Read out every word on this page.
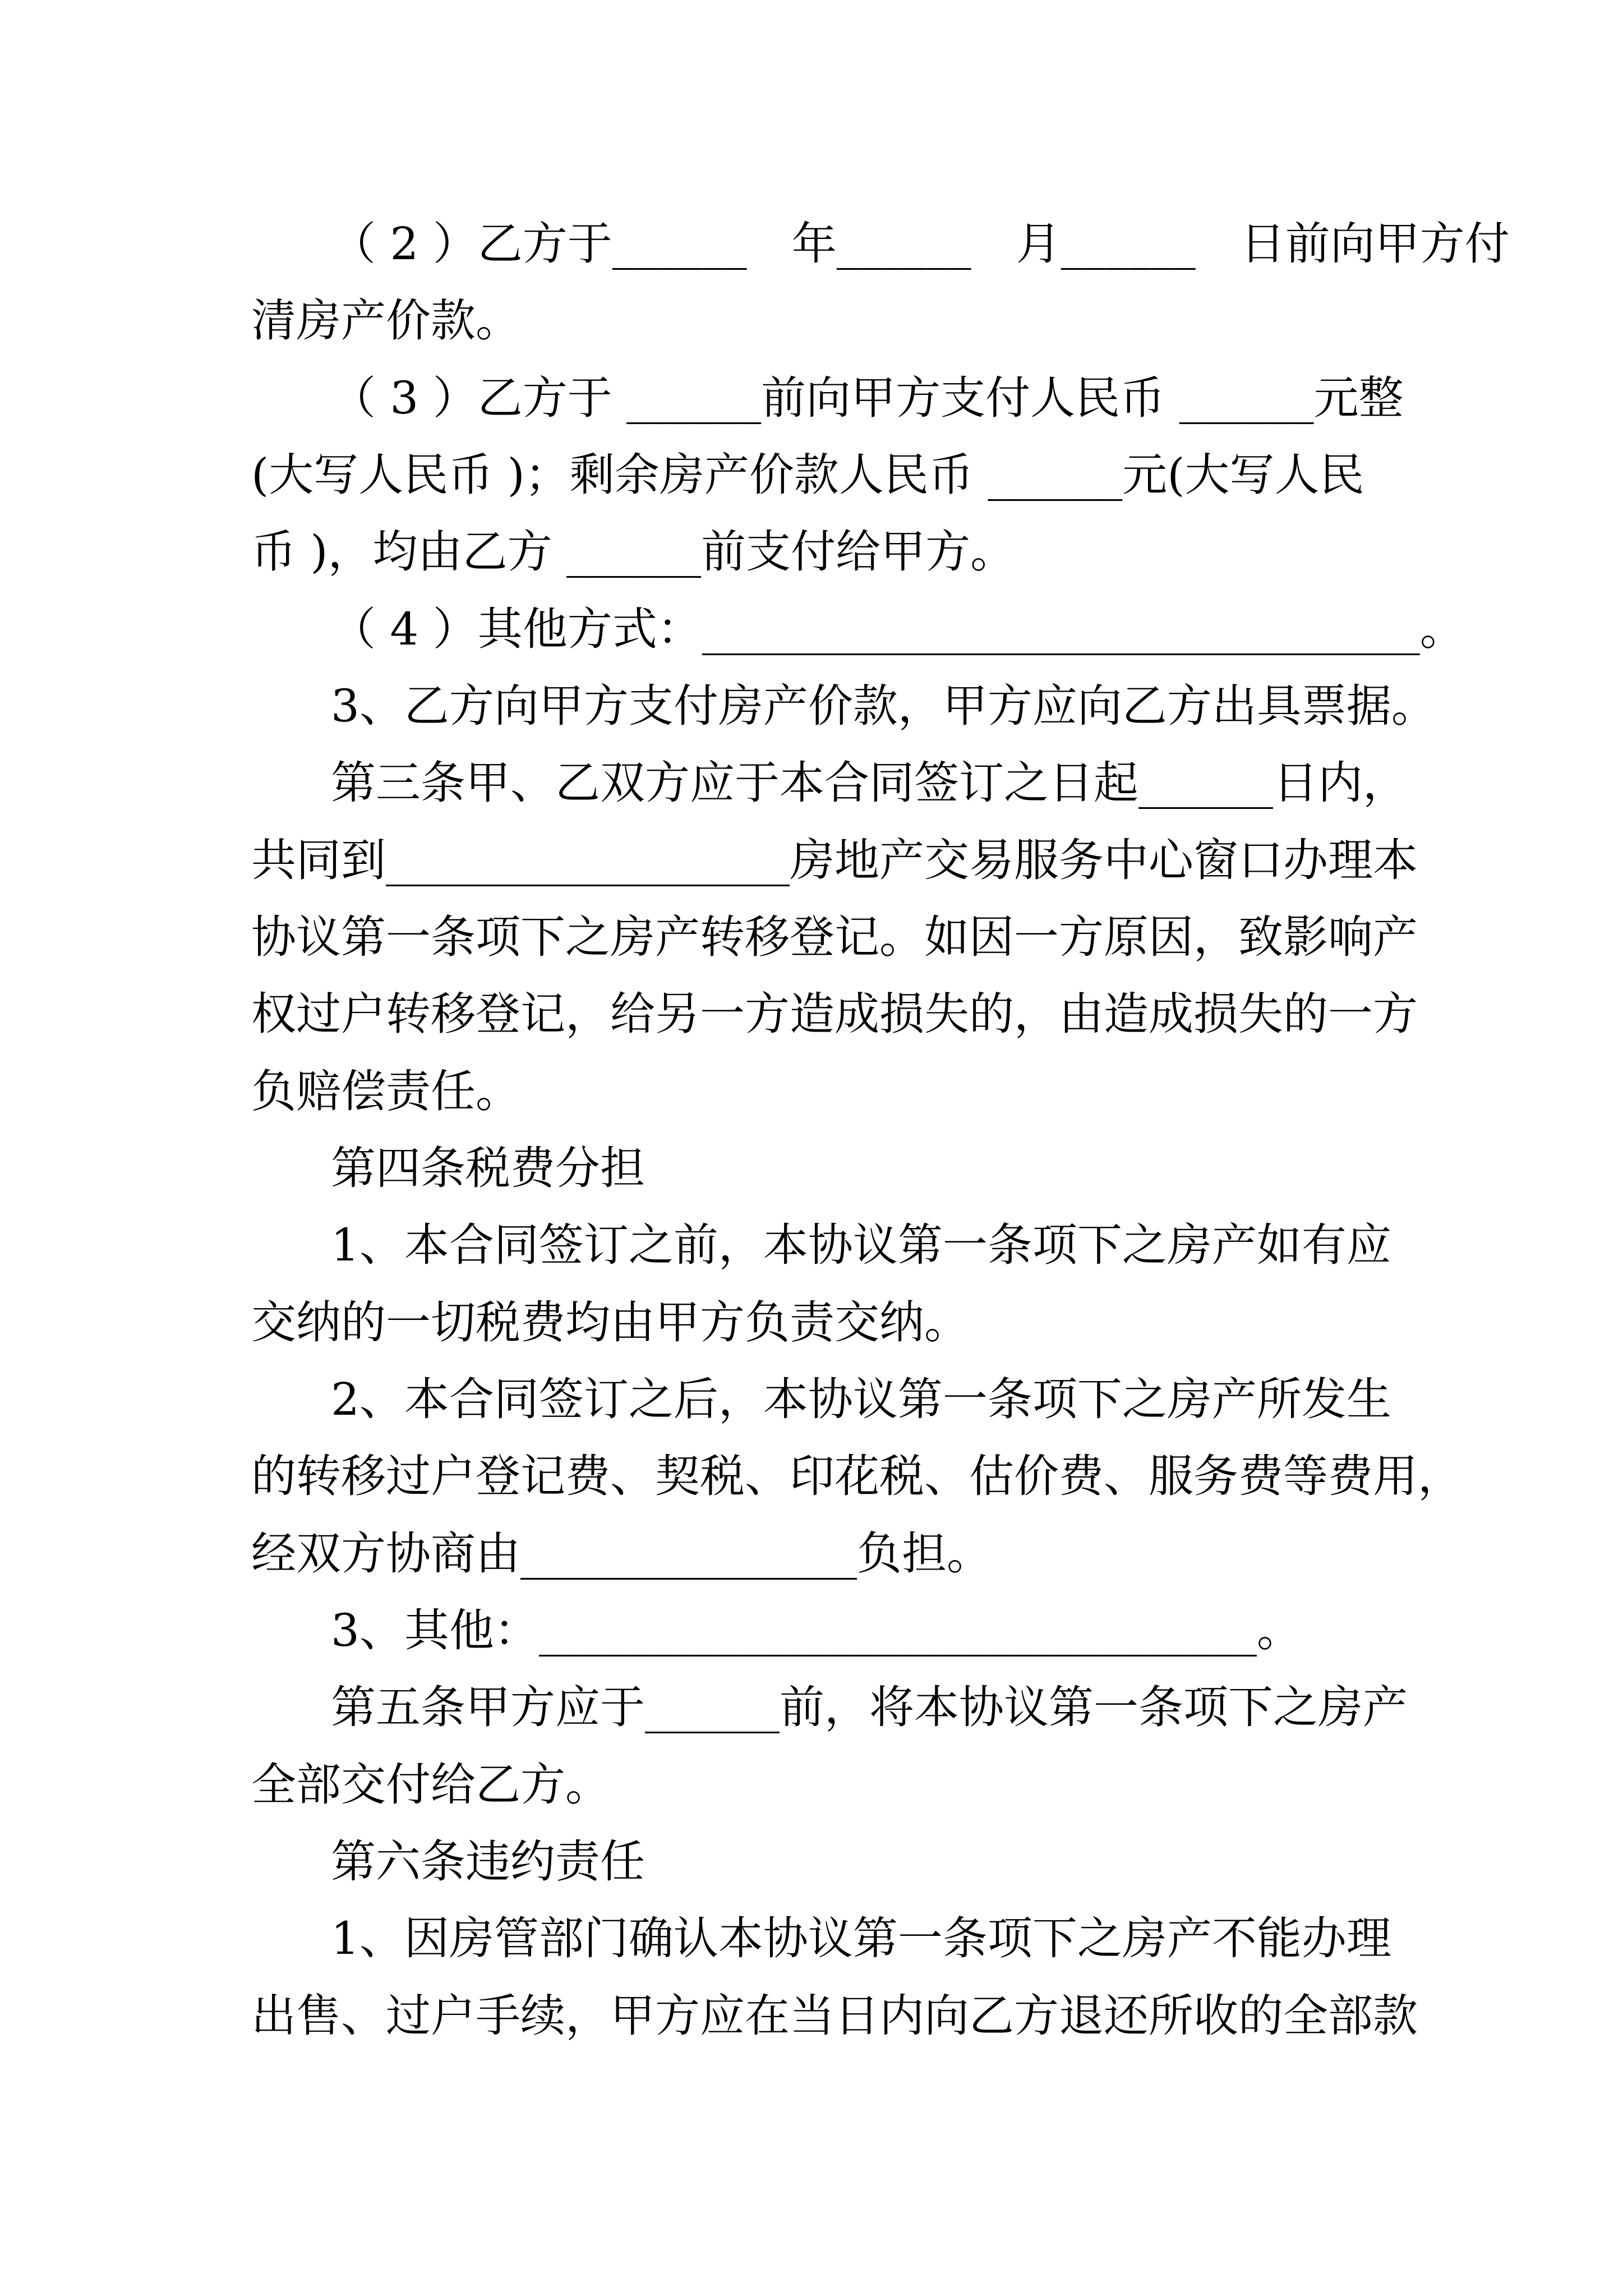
（ 2 ）乙方于______　年______　月______　日前向甲方付

清房产价款。

（ 3 ）乙方于 ______前向甲方支付人民币 ______元整

(大写人民币 )；剩余房产价款人民币 ______元(大写人民

币 )，均由乙方 ______前支付给甲方。

（ 4 ）其他方式：________________________________。

3、乙方向甲方支付房产价款，甲方应向乙方出具票据。

第三条甲、乙双方应于本合同签订之日起______日内，

共同到__________________房地产交易服务中心窗口办理本

协议第一条项下之房产转移登记。如因一方原因，致影响产

权过户转移登记，给另一方造成损失的，由造成损失的一方

负赔偿责任。

第四条税费分担

1、本合同签订之前，本协议第一条项下之房产如有应

交纳的一切税费均由甲方负责交纳。

2、本合同签订之后，本协议第一条项下之房产所发生

的转移过户登记费、契税、印花税、估价费、服务费等费用，

经双方协商由_______________负担。

3、其他：________________________________。

第五条甲方应于______前，将本协议第一条项下之房产

全部交付给乙方。

第六条违约责任

1、因房管部门确认本协议第一条项下之房产不能办理

出售、过户手续，甲方应在当日内向乙方退还所收的全部款
